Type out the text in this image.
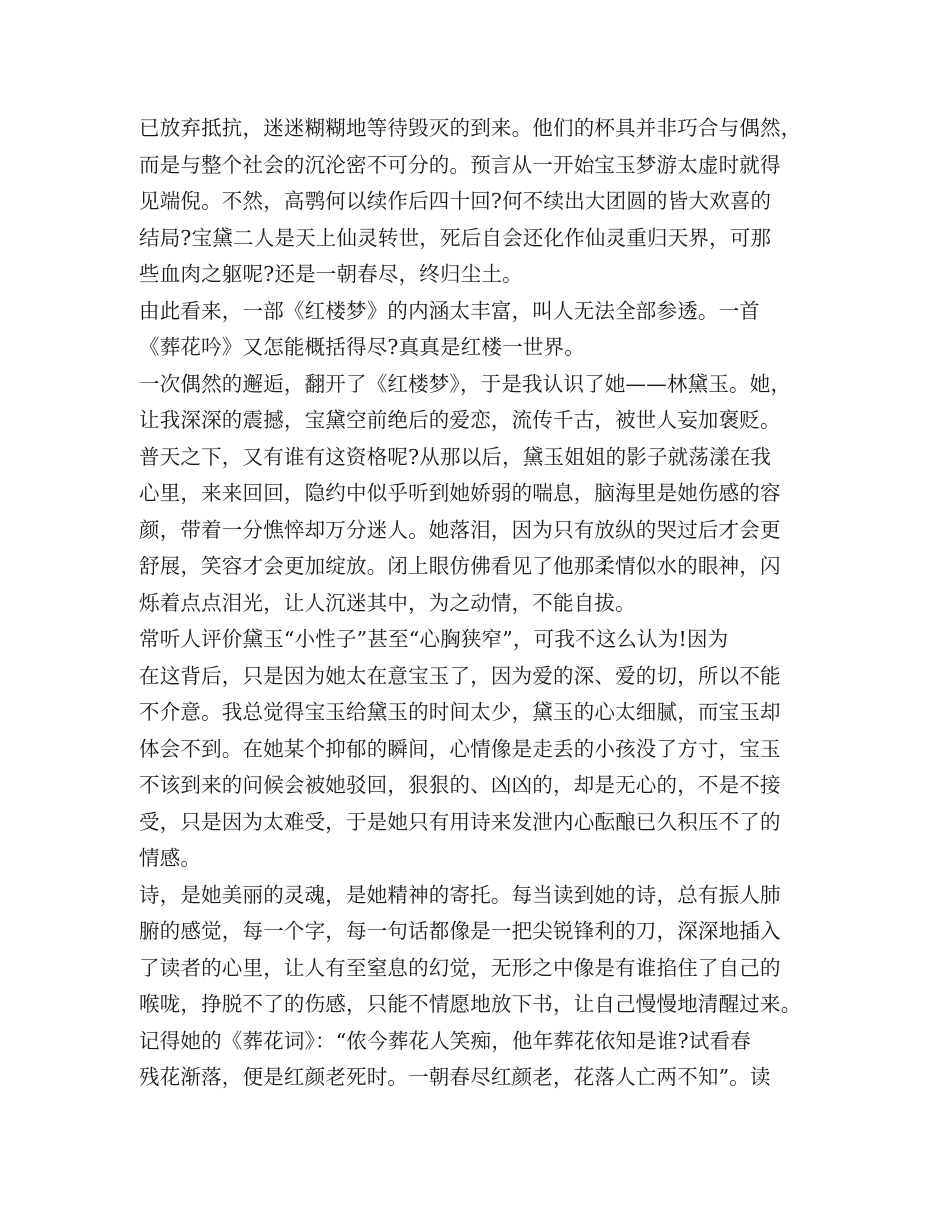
已放弃抵抗，迷迷糊糊地等待毁灭的到来。他们的杯具并非巧合与偶然，
而是与整个社会的沉沦密不可分的。预言从一开始宝玉梦游太虚时就得
见端倪。不然，高鹗何以续作后四十回?何不续出大团圆的皆大欢喜的
结局?宝黛二人是天上仙灵转世，死后自会还化作仙灵重归天界，可那
些血肉之躯呢?还是一朝春尽，终归尘土。
由此看来，一部《红楼梦》的内涵太丰富，叫人无法全部参透。一首
《葬花吟》又怎能概括得尽?真真是红楼一世界。
一次偶然的邂逅，翻开了《红楼梦》，于是我认识了她——林黛玉。她，
让我深深的震撼，宝黛空前绝后的爱恋，流传千古，被世人妄加褒贬。
普天之下，又有谁有这资格呢?从那以后，黛玉姐姐的影子就荡漾在我
心里，来来回回，隐约中似乎听到她娇弱的喘息，脑海里是她伤感的容
颜，带着一分憔悴却万分迷人。她落泪，因为只有放纵的哭过后才会更
舒展，笑容才会更加绽放。闭上眼仿佛看见了他那柔情似水的眼神，闪
烁着点点泪光，让人沉迷其中，为之动情，不能自拔。
常听人评价黛玉“小性子”甚至“心胸狭窄”，可我不这么认为!因为
在这背后，只是因为她太在意宝玉了，因为爱的深、爱的切，所以不能
不介意。我总觉得宝玉给黛玉的时间太少，黛玉的心太细腻，而宝玉却
体会不到。在她某个抑郁的瞬间，心情像是走丢的小孩没了方寸，宝玉
不该到来的问候会被她驳回，狠狠的、凶凶的，却是无心的，不是不接
受，只是因为太难受，于是她只有用诗来发泄内心酝酿已久积压不了的
情感。
诗，是她美丽的灵魂，是她精神的寄托。每当读到她的诗，总有振人肺
腑的感觉，每一个字，每一句话都像是一把尖锐锋利的刀，深深地插入
了读者的心里，让人有至窒息的幻觉，无形之中像是有谁掐住了自己的
喉咙，挣脱不了的伤感，只能不情愿地放下书，让自己慢慢地清醒过来。
记得她的《葬花词》：“侬今葬花人笑痴，他年葬花依知是谁?试看春
残花渐落，便是红颜老死时。一朝春尽红颜老，花落人亡两不知”。读
